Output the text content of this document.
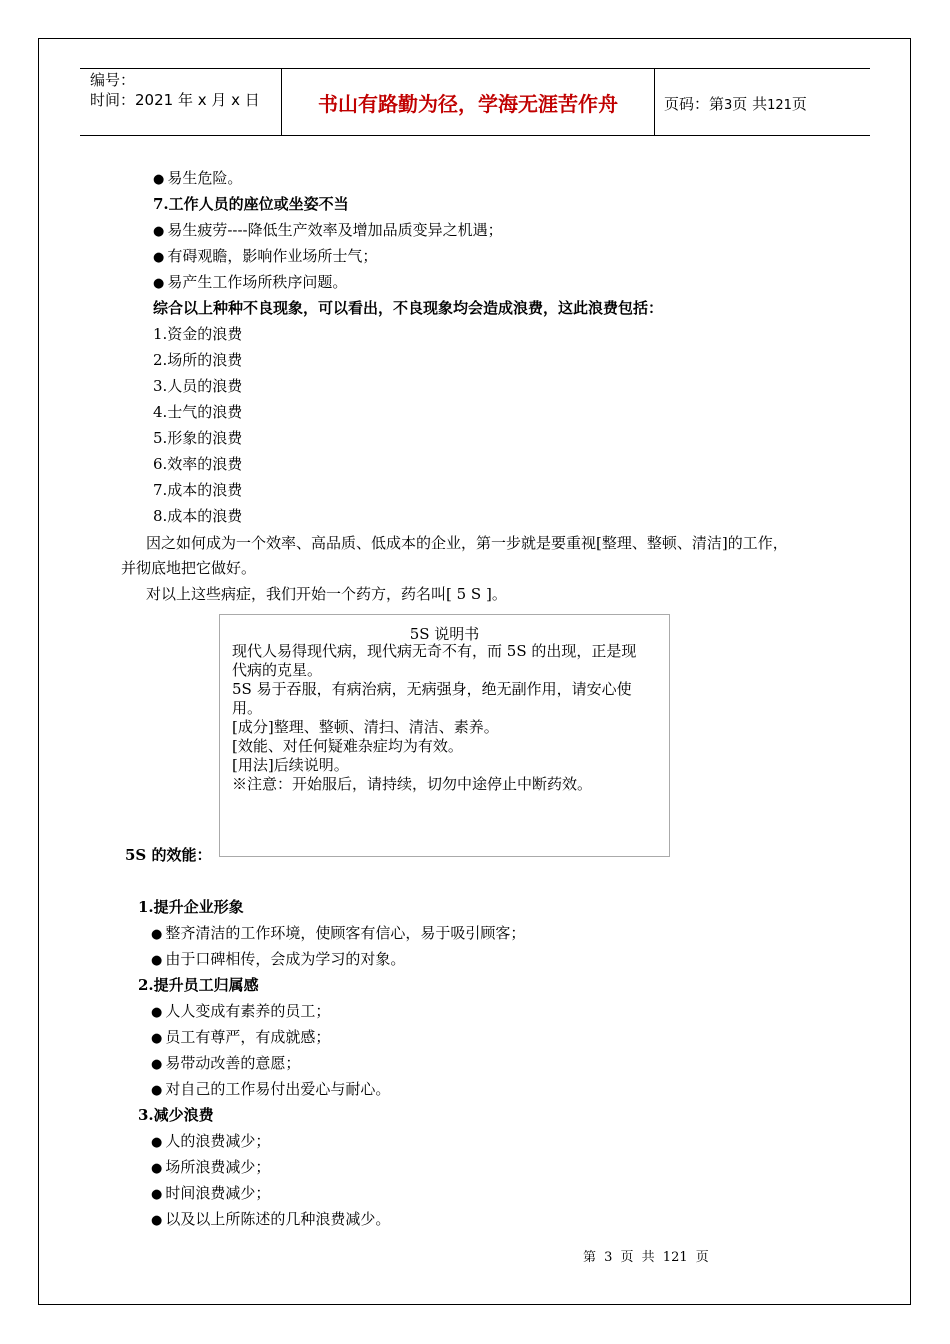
编号：
时间：2021 年 x 月 x 日	书山有路勤为径，学海无涯苦作舟	页码：第3页 共121页
● 易生危险。
7.工作人员的座位或坐姿不当
● 易生疲劳----降低生产效率及增加品质变异之机遇；
● 有碍观瞻，影响作业场所士气；
● 易产生工作场所秩序问题。
综合以上种种不良现象，可以看出，不良现象均会造成浪费，这此浪费包括：
1.资金的浪费
2.场所的浪费
3.人员的浪费
4.士气的浪费
5.形象的浪费
6.效率的浪费
7.成本的浪费
8.成本的浪费
因之如何成为一个效率、高品质、低成本的企业，第一步就是要重视[整理、整顿、清洁]的工作，
并彻底地把它做好。
对以上这些病症，我们开始一个药方，药名叫[ 5 S ]。
5S 说明书
现代人易得现代病，现代病无奇不有，而 5S 的出现，正是现
代病的克星。
5S 易于吞服，有病治病，无病强身，绝无副作用，请安心使
用。
[成分]整理、整顿、清扫、清洁、素养。
[效能、对任何疑难杂症均为有效。
[用法]后续说明。
※注意：开始服后，请持续，切勿中途停止中断药效。
5S 的效能：
1.提升企业形象
● 整齐清洁的工作环境，使顾客有信心，易于吸引顾客；
● 由于口碑相传，会成为学习的对象。
2.提升员工归属感
● 人人变成有素养的员工；
● 员工有尊严，有成就感；
● 易带动改善的意愿；
● 对自己的工作易付出爱心与耐心。
3.减少浪费
● 人的浪费减少；
● 场所浪费减少；
● 时间浪费减少；
● 以及以上所陈述的几种浪费减少。
第 3 页 共 121 页
